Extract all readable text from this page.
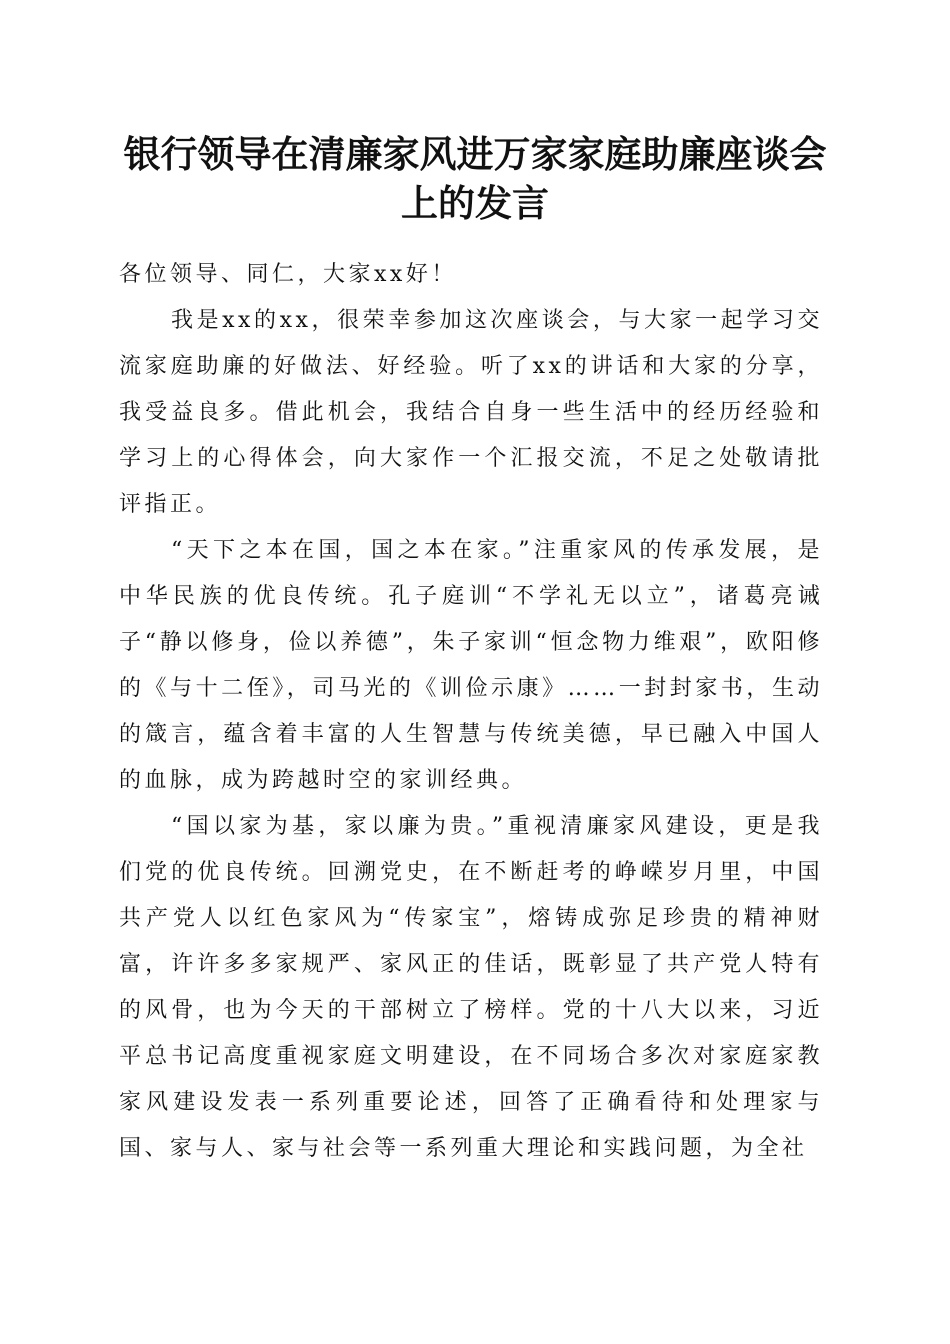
银行领导在清廉家风进万家家庭助廉座谈会上的发言

各位领导、同仁，大家xx好！

我是xx的xx，很荣幸参加这次座谈会，与大家一起学习交流家庭助廉的好做法、好经验。听了xx的讲话和大家的分享，我受益良多。借此机会，我结合自身一些生活中的经历经验和学习上的心得体会，向大家作一个汇报交流，不足之处敬请批评指正。

“天下之本在国，国之本在家。”注重家风的传承发展，是中华民族的优良传统。孔子庭训“不学礼无以立”，诸葛亮诫子“静以修身，俭以养德”，朱子家训“恒念物力维艰”，欧阳修的《与十二侄》，司马光的《训俭示康》……一封封家书，生动的箴言，蕴含着丰富的人生智慧与传统美德，早已融入中国人的血脉，成为跨越时空的家训经典。

“国以家为基，家以廉为贵。”重视清廉家风建设，更是我们党的优良传统。回溯党史，在不断赶考的峥嵘岁月里，中国共产党人以红色家风为“传家宝”，熔铸成弥足珍贵的精神财富，许许多多家规严、家风正的佳话，既彰显了共产党人特有的风骨，也为今天的干部树立了榜样。党的十八大以来，习近平总书记高度重视家庭文明建设，在不同场合多次对家庭家教家风建设发表一系列重要论述，回答了正确看待和处理家与国、家与人、家与社会等一系列重大理论和实践问题，为全社
